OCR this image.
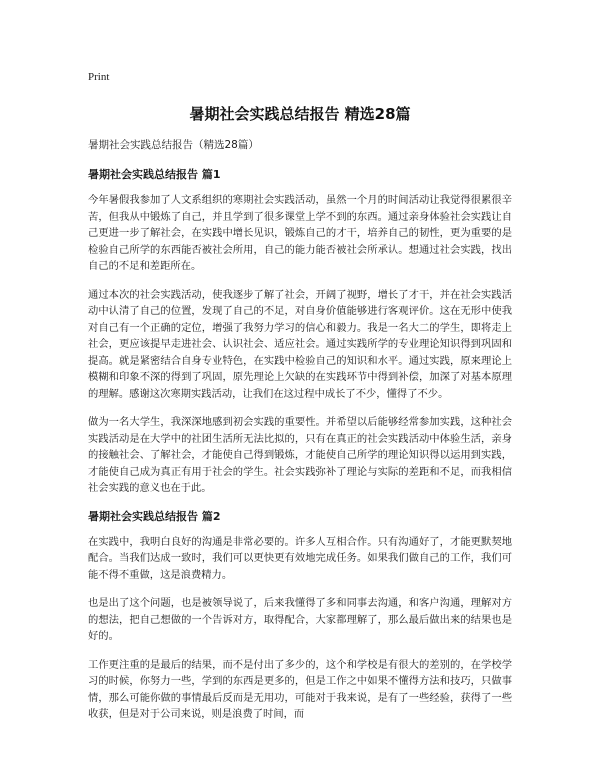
Print
暑期社会实践总结报告 精选28篇
暑期社会实践总结报告（精选28篇）
暑期社会实践总结报告 篇1

今年暑假我参加了人文系组织的寒期社会实践活动，虽然一个月的时间活动让我觉得很累很辛苦，但我从中锻炼了自己，并且学到了很多课堂上学不到的东西。通过亲身体验社会实践让自己更进一步了解社会，在实践中增长见识，锻炼自己的才干，培养自己的韧性，更为重要的是检验自己所学的东西能否被社会所用，自己的能力能否被社会所承认。想通过社会实践，找出自己的不足和差距所在。

通过本次的社会实践活动，使我逐步了解了社会，开阔了视野，增长了才干，并在社会实践活动中认清了自己的位置，发现了自己的不足，对自身价值能够进行客观评价。这在无形中使我对自己有一个正确的定位，增强了我努力学习的信心和毅力。我是一名大二的学生，即将走上社会，更应该提早走进社会、认识社会、适应社会。通过实践所学的专业理论知识得到巩固和提高。就是紧密结合自身专业特色，在实践中检验自己的知识和水平。通过实践，原来理论上模糊和印象不深的得到了巩固，原先理论上欠缺的在实践环节中得到补偿，加深了对基本原理的理解。感谢这次寒期实践活动，让我们在这过程中成长了不少，懂得了不少。

做为一名大学生，我深深地感到初会实践的重要性。并希望以后能够经常参加实践，这种社会实践活动是在大学中的社团生活所无法比拟的，只有在真正的社会实践活动中体验生活，亲身的接触社会、了解社会，才能使自己得到锻炼，才能使自己所学的理论知识得以运用到实践，才能使自己成为真正有用于社会的学生。社会实践弥补了理论与实际的差距和不足，而我相信社会实践的意义也在于此。

暑期社会实践总结报告 篇2

在实践中，我明白良好的沟通是非常必要的。许多人互相合作。只有沟通好了，才能更默契地配合。当我们达成一致时，我们可以更快更有效地完成任务。如果我们做自己的工作，我们可能不得不重做，这是浪费精力。

也是出了这个问题，也是被领导说了，后来我懂得了多和同事去沟通，和客户沟通，理解对方的想法，把自己想做的一个告诉对方，取得配合，大家都理解了，那么最后做出来的结果也是好的。

工作更注重的是最后的结果，而不是付出了多少的，这个和学校是有很大的差别的，在学校学习的时候，你努力一些，学到的东西是更多的，但是工作之中如果不懂得方法和技巧，只做事情，那么可能你做的事情最后反而是无用功，可能对于我来说，是有了一些经验，获得了一些收获，但是对于公司来说，则是浪费了时间，而
